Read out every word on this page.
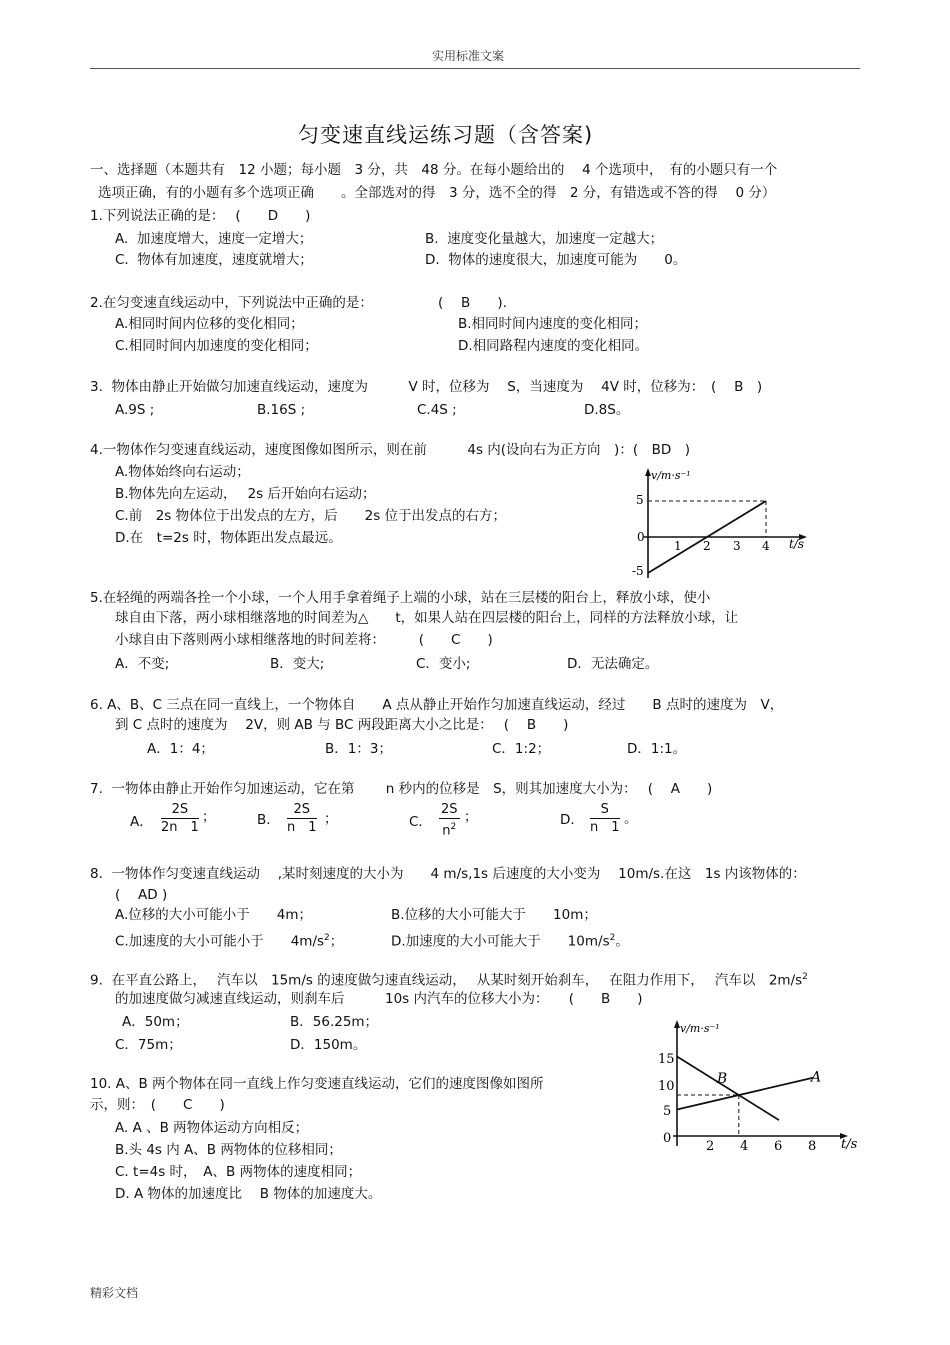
实用标准文案
匀变速直线运练习题（含答案)
一、选择题（本题共有　12 小题；每小题　3 分，共　48 分。在每小题给出的　 4 个选项中，　有的小题只有一个
选项正确，有的小题有多个选项正确　　。全部选对的得　3 分，选不全的得　2 分，有错选或不答的得　 0 分）
1.下列说法正确的是：　 (　　D　　)
A.  加速度增大，速度一定增大；	B.  速度变化量越大，加速度一定越大；
C.  物体有加速度，速度就增大；	D.  物体的速度很大，加速度可能为　　0。
2.在匀变速直线运动中，下列说法中正确的是：	(　 B　　).
A.相同时间内位移的变化相同；	B.相同时间内速度的变化相同；
C.相同时间内加速度的变化相同；	D.相同路程内速度的变化相同。
3.  物体由静止开始做匀加速直线运动，速度为　　　V 时，位移为　 S，当速度为　 4V 时，位移为：　(　 B　)
A.9S ;	B.16S ;	C.4S ;	D.8S。
4.一物体作匀变速直线运动，速度图像如图所示，则在前　　　4s 内(设向右为正方向　)：(　BD　)
A.物体始终向右运动；
B.物体先向左运动，　 2s 后开始向右运动；
C.前　2s 物体位于出发点的左方，后　　2s 位于出发点的右方；
D.在　t=2s 时，物体距出发点最远。
v/m·s⁻¹
t/s
5
0
-5
1 2 3 4
5.在轻绳的两端各拴一个小球，一个人用手拿着绳子上端的小球，站在三层楼的阳台上，释放小球，使小
球自由下落，两小球相继落地的时间差为△　　t，如果人站在四层楼的阳台上，同样的方法释放小球，让
小球自由下落则两小球相继落地的时间差将：　　　(　　C　　)
A．不变;	B．变大;	C．变小;	D．无法确定。
6. A、B、C 三点在同一直线上，一个物体自　　A 点从静止开始作匀加速直线运动，经过　　B 点时的速度为　V，
到 C 点时的速度为　 2V，则 AB 与 BC 两段距离大小之比是：　 (　 B　　)
A．1：4；	B．1：3；	C．1:2；	D．1:1。
7.  一物体由静止开始作匀加速运动，它在第　　 n 秒内的位移是　S，则其加速度大小为：　 (　 A　　)
A． $\frac{2S}{2n 1}$ ；	B． $\frac{2S}{n 1}$ ；	C． $\frac{2S}{n^2}$ ；	D． $\frac{S}{n 1}$ 。
8.  一物体作匀变速直线运动　 ,某时刻速度的大小为　　4 m/s,1s 后速度的大小变为　 10m/s.在这　1s 内该物体的：
(　 AD )
A.位移的大小可能小于　　4m；	B.位移的大小可能大于　　10m；
C.加速度的大小可能小于　　$4m/s^2$；	D.加速度的大小可能大于　　$10m/s^2$。
9.  在平直公路上，　 汽车以　15m/s 的速度做匀速直线运动，　 从某时刻开始刹车，　 在阻力作用下，　 汽车以　$2m/s^2$
的加速度做匀减速直线运动，则刹车后　　　10s 内汽车的位移大小为：　　(　　B　　)
A．50m；	B．56.25m；
C．75m；	D．150m。
10. A、B 两个物体在同一直线上作匀变速直线运动，它们的速度图像如图所
示，则：　(　　C　　)
A. A 、B 两物体运动方向相反；
B.头 4s 内 A、B 两物体的位移相同；
C. t=4s 时，　A、B 两物体的速度相同；
D. A 物体的加速度比　 B 物体的加速度大。
v/m·s⁻¹
t/s
15
10
5
0
2 4 6 8
A
B
精彩文档
